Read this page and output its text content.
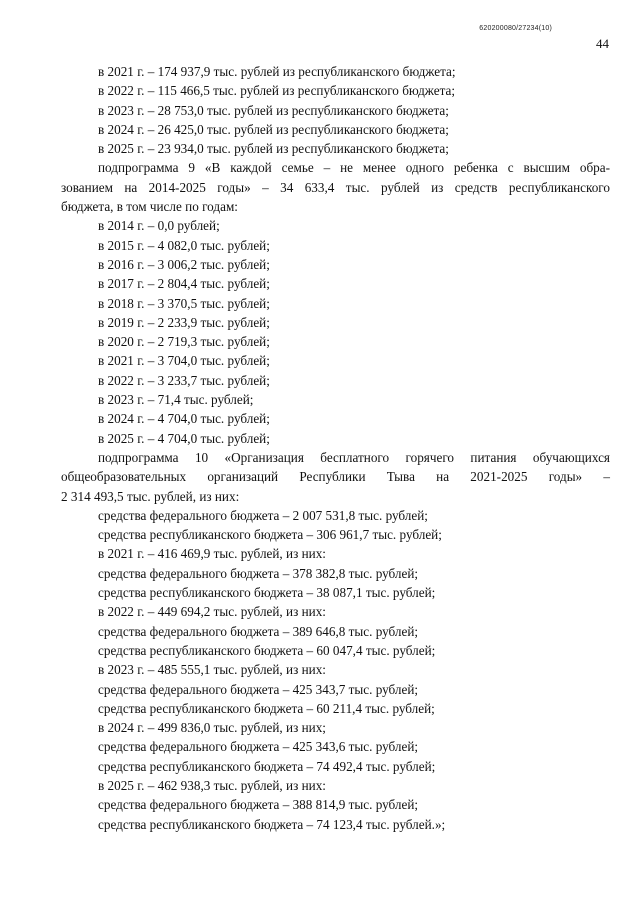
620200080/27234(10)
44
в 2021 г. – 174 937,9 тыс. рублей из республиканского бюджета;
в 2022 г. – 115 466,5 тыс. рублей из республиканского бюджета;
в 2023 г. – 28 753,0 тыс. рублей из республиканского бюджета;
в 2024 г. – 26 425,0 тыс. рублей из республиканского бюджета;
в 2025 г. – 23 934,0 тыс. рублей из республиканского бюджета;
подпрограмма 9 «В каждой семье – не менее одного ребенка с высшим обра-
зованием на 2014-2025 годы» – 34 633,4 тыс. рублей из средств республиканского
бюджета, в том числе по годам:
в 2014 г. – 0,0 рублей;
в 2015 г. – 4 082,0 тыс. рублей;
в 2016 г. – 3 006,2 тыс. рублей;
в 2017 г. – 2 804,4 тыс. рублей;
в 2018 г. – 3 370,5 тыс. рублей;
в 2019 г. – 2 233,9 тыс. рублей;
в 2020 г. – 2 719,3 тыс. рублей;
в 2021 г. – 3 704,0 тыс. рублей;
в 2022 г. – 3 233,7 тыс. рублей;
в 2023 г. – 71,4 тыс. рублей;
в 2024 г. – 4 704,0 тыс. рублей;
в 2025 г. – 4 704,0 тыс. рублей;
подпрограмма 10 «Организация бесплатного горячего питания обучающихся
общеобразовательных организаций Республики Тыва на 2021-2025 годы» –
2 314 493,5 тыс. рублей, из них:
средства федерального бюджета – 2 007 531,8 тыс. рублей;
средства республиканского бюджета – 306 961,7 тыс. рублей;
в 2021 г. – 416 469,9 тыс. рублей, из них:
средства федерального бюджета – 378 382,8 тыс. рублей;
средства республиканского бюджета – 38 087,1 тыс. рублей;
в 2022 г. – 449 694,2 тыс. рублей, из них:
средства федерального бюджета – 389 646,8 тыс. рублей;
средства республиканского бюджета – 60 047,4 тыс. рублей;
в 2023 г. – 485 555,1 тыс. рублей, из них:
средства федерального бюджета – 425 343,7 тыс. рублей;
средства республиканского бюджета – 60 211,4 тыс. рублей;
в 2024 г. – 499 836,0 тыс. рублей, из них;
средства федерального бюджета – 425 343,6 тыс. рублей;
средства республиканского бюджета – 74 492,4 тыс. рублей;
в 2025 г. – 462 938,3 тыс. рублей, из них:
средства федерального бюджета – 388 814,9 тыс. рублей;
средства республиканского бюджета – 74 123,4 тыс. рублей.»;
